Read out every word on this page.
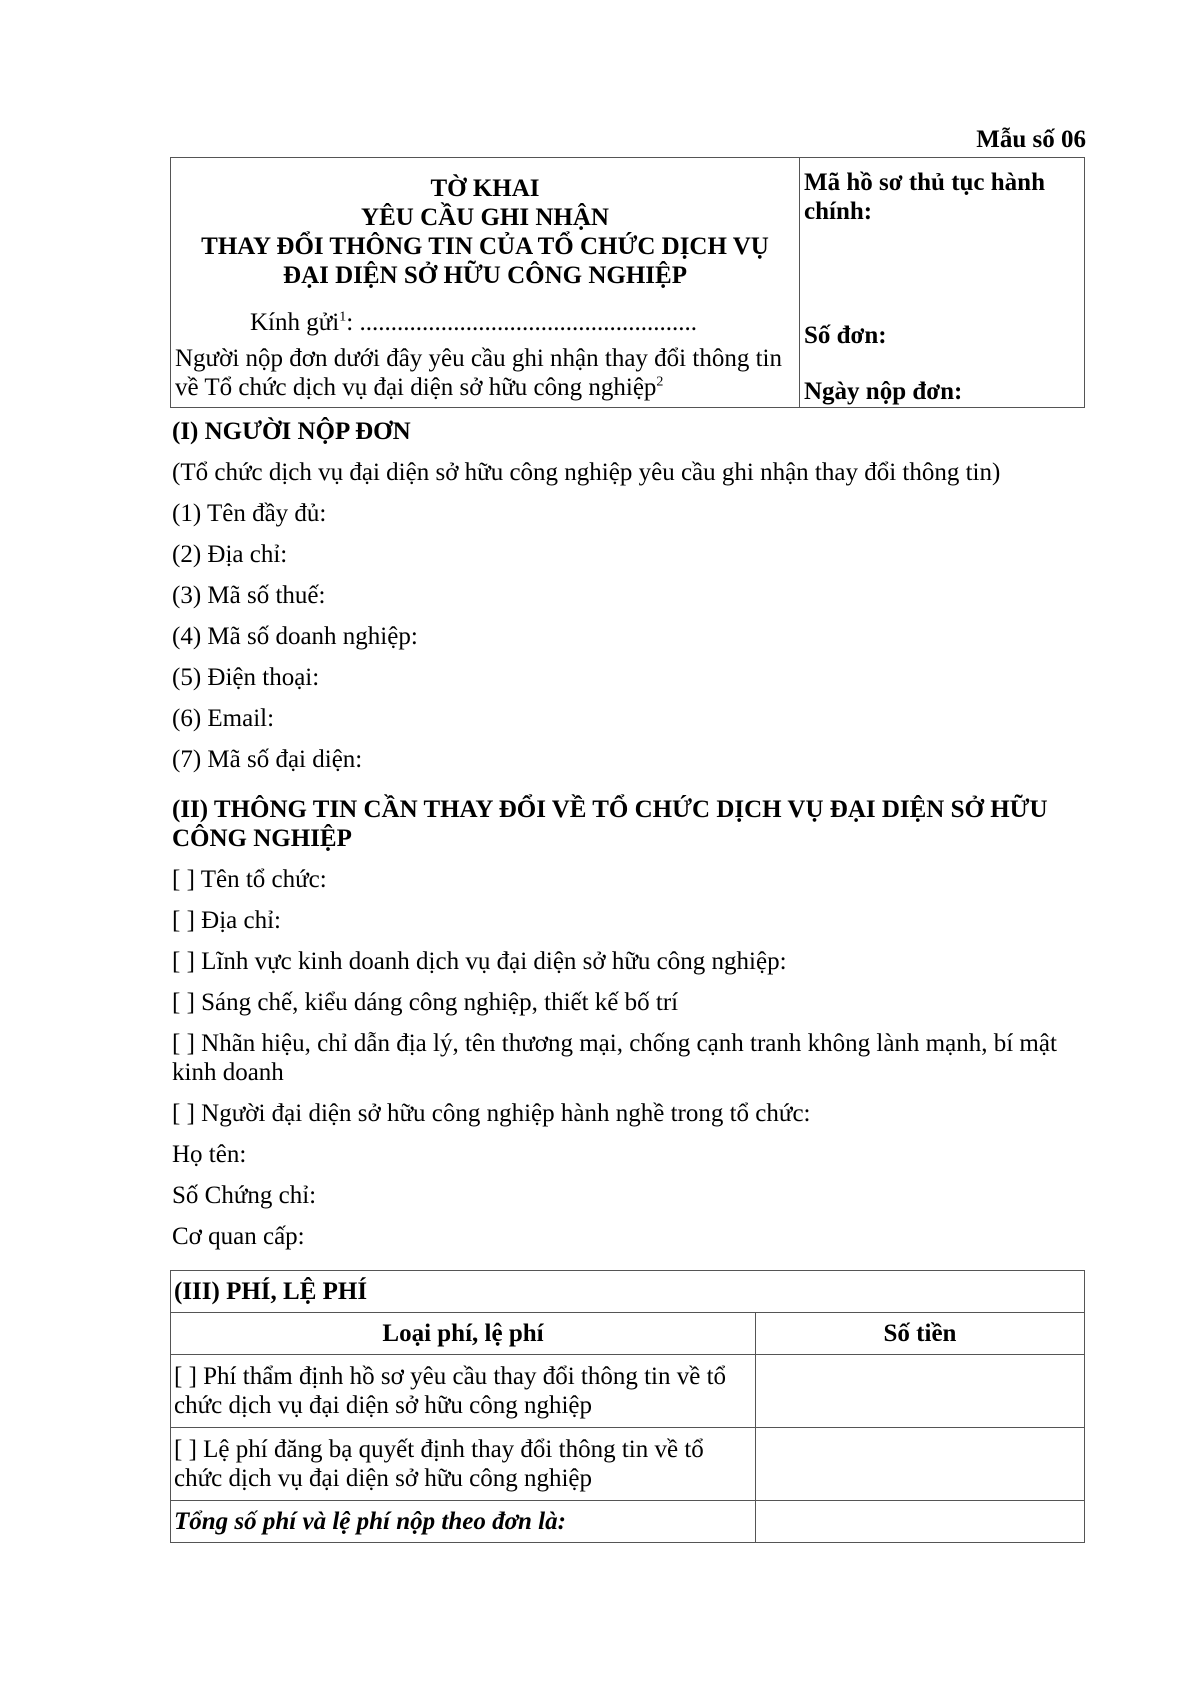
Mẫu số 06
TỜ KHAI
YÊU CẦU GHI NHẬN
THAY ĐỔI THÔNG TIN CỦA TỔ CHỨC DỊCH VỤ
ĐẠI DIỆN SỞ HỮU CÔNG NGHIỆP
Kính gửi$^1$: ......................................................
Người nộp đơn dưới đây yêu cầu ghi nhận thay đổi thông tin về Tổ chức dịch vụ đại diện sở hữu công nghiệp$^2$

Mã hồ sơ thủ tục hành chính:
Số đơn:
Ngày nộp đơn:
(I) NGƯỜI NỘP ĐƠN
(Tổ chức dịch vụ đại diện sở hữu công nghiệp yêu cầu ghi nhận thay đổi thông tin)
(1) Tên đầy đủ:
(2) Địa chỉ:
(3) Mã số thuế:
(4) Mã số doanh nghiệp:
(5) Điện thoại:
(6) Email:
(7) Mã số đại diện:
(II) THÔNG TIN CẦN THAY ĐỔI VỀ TỔ CHỨC DỊCH VỤ ĐẠI DIỆN SỞ HỮU CÔNG NGHIỆP
[ ] Tên tổ chức:
[ ] Địa chỉ:
[ ] Lĩnh vực kinh doanh dịch vụ đại diện sở hữu công nghiệp:
[ ] Sáng chế, kiểu dáng công nghiệp, thiết kế bố trí
[ ] Nhãn hiệu, chỉ dẫn địa lý, tên thương mại, chống cạnh tranh không lành mạnh, bí mật kinh doanh
[ ] Người đại diện sở hữu công nghiệp hành nghề trong tổ chức:
Họ tên:
Số Chứng chỉ:
Cơ quan cấp:
(III) PHÍ, LỆ PHÍ	
Loại phí, lệ phí	Số tiền
[ ] Phí thẩm định hồ sơ yêu cầu thay đổi thông tin về tổ chức dịch vụ đại diện sở hữu công nghiệp	
[ ] Lệ phí đăng bạ quyết định thay đổi thông tin về tổ chức dịch vụ đại diện sở hữu công nghiệp	
Tổng số phí và lệ phí nộp theo đơn là:	
